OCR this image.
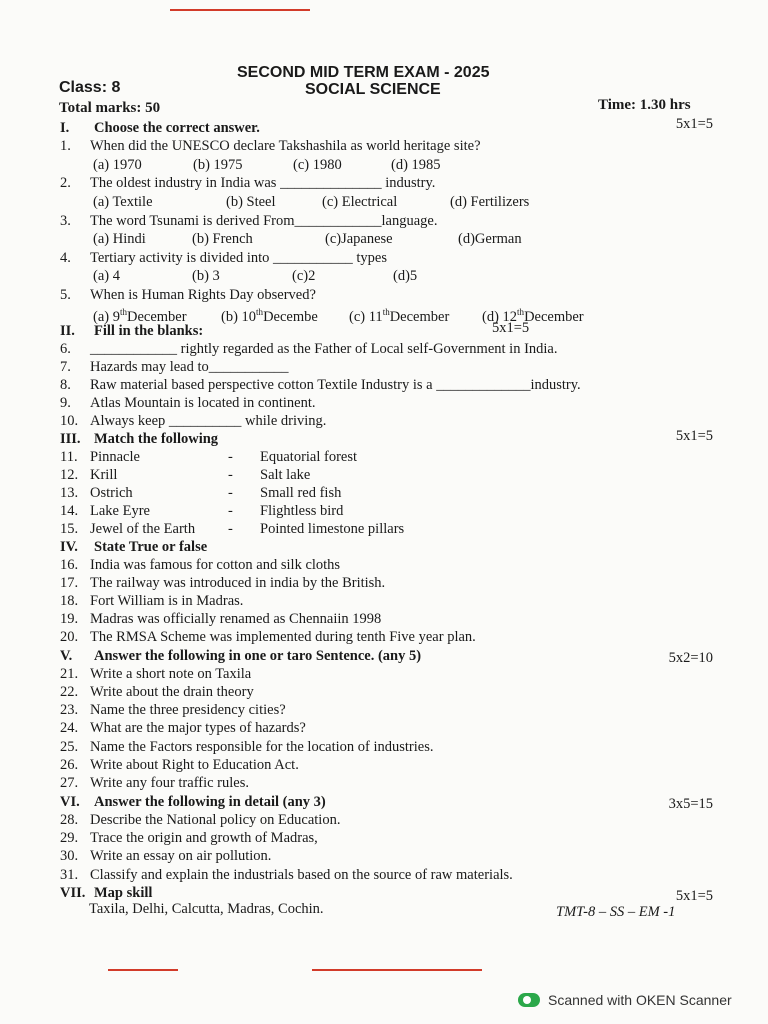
SECOND MID TERM EXAM - 2025
SOCIAL SCIENCE
Class: 8
Total marks: 50	Time: 1.30 hrs
I. Choose the correct answer.	5x1=5
1. When did the UNESCO declare Takshashila as world heritage site?
(a) 1970	(b) 1975	(c) 1980	(d) 1985
2. The oldest industry in India was ______________ industry.
(a) Textile	(b) Steel	(c) Electrical	(d) Fertilizers
3. The word Tsunami is derived From____________language.
(a) Hindi	(b) French	(c)Japanese	(d)German
4. Tertiary activity is divided into ___________ types
(a) 4	(b) 3	(c)2	(d)5
5. When is Human Rights Day observed?
(a) 9thDecember (b) 10thDecembe (c) 11thDecember (d) 12thDecember
II. Fill in the blanks:	5x1=5
6. ____________ rightly regarded as the Father of Local self-Government in India.
7. Hazards may lead to___________
8. Raw material based perspective cotton Textile Industry is a _____________industry.
9. Atlas Mountain is located in continent.
10. Always keep __________ while driving.
III. Match the following	5x1=5
11. Pinnacle	- Equatorial forest
12. Krill	- Salt lake
13. Ostrich	- Small red fish
14. Lake Eyre	- Flightless bird
15. Jewel of the Earth - Pointed limestone pillars
IV. State True or false
16. India was famous for cotton and silk cloths
17. The railway was introduced in india by the British.
18. Fort William is in Madras.
19. Madras was officially renamed as Chennaiin 1998
20. The RMSA Scheme was implemented during tenth Five year plan.
V. Answer the following in one or taro Sentence. (any 5)	5x2=10
21. Write a short note on Taxila
22. Write about the drain theory
23. Name the three presidency cities?
24. What are the major types of hazards?
25. Name the Factors responsible for the location of industries.
26. Write about Right to Education Act.
27. Write any four traffic rules.
VI. Answer the following in detail (any 3)	3x5=15
28. Describe the National policy on Education.
29. Trace the origin and growth of Madras,
30. Write an essay on air pollution.
31. Classify and explain the industrials based on the source of raw materials.
VII. Map skill	5x1=5
Taxila, Delhi, Calcutta, Madras, Cochin.	TMT-8 – SS – EM -1
Scanned with OKEN Scanner
